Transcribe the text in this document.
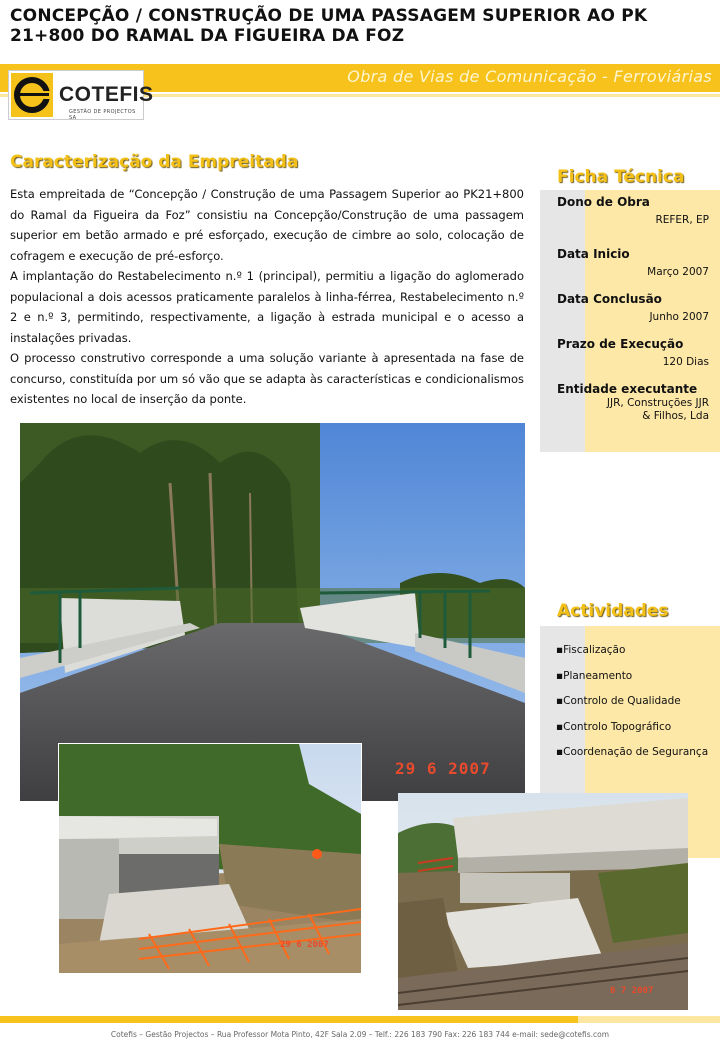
CONCEPÇÃO / CONSTRUÇÃO DE UMA PASSAGEM SUPERIOR AO PK 21+800 DO RAMAL DA FIGUEIRA DA FOZ
Obra de Vias de Comunicação - Ferroviárias
COTEFIS
GESTÃO DE PROJECTOS SA
Caracterização da Empreitada

Esta empreitada de “Concepção / Construção de uma Passagem Superior ao PK21+800 do Ramal da Figueira da Foz” consistiu na Concepção/Construção de uma passagem superior em betão armado e pré esforçado, execução de cimbre ao solo, colocação de cofragem e execução de pré-esforço.

A implantação do Restabelecimento n.º 1 (principal), permitiu a ligação do aglomerado populacional a dois acessos praticamente paralelos à linha-férrea, Restabelecimento n.º 2 e n.º 3, permitindo, respectivamente, a ligação à estrada municipal e o acesso a instalações privadas.

O processo construtivo corresponde a uma solução variante à apresentada na fase de concurso, constituída por um só vão que se adapta às características e condicionalismos existentes no local de inserção da ponte.

Ficha Técnica
Dono de Obra
REFER, EP
Data Inicio
Março 2007
Data Conclusão
Junho 2007
Prazo de Execução
120 Dias
Entidade executante
JJR, Construções JJR & Filhos, Lda
Actividades
▪Fiscalização
▪Planeamento
▪Controlo de Qualidade
▪Controlo Topográfico
▪Coordenação de Segurança
29 6 2007
29 6 2007
0 7 2007
Cotefis – Gestão Projectos – Rua Professor Mota Pinto, 42F Sala 2.09 – Telf.: 226 183 790 Fax: 226 183 744 e-mail: sede@cotefis.com
